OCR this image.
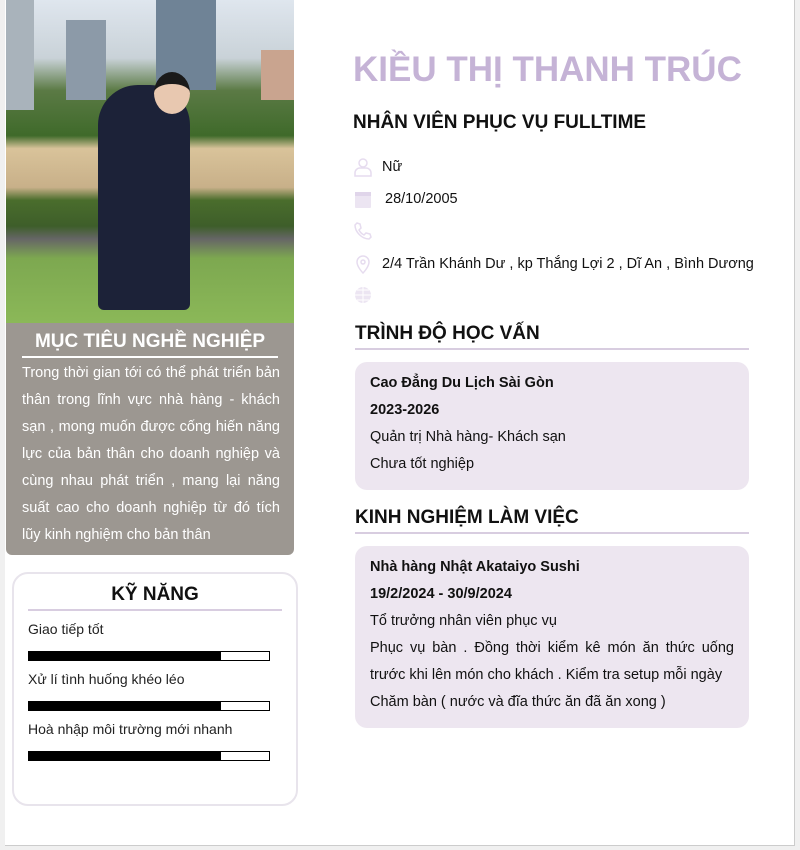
MỤC TIÊU NGHỀ NGHIỆP

Trong thời gian tới có thể phát triển bản thân trong lĩnh vực nhà hàng - khách sạn , mong muốn được cống hiến năng lực của bản thân cho doanh nghiệp và cùng nhau phát triển , mang lại năng suất cao cho doanh nghiệp từ đó tích lũy kinh nghiệm cho bản thân

KỸ NĂNG
Giao tiếp tốt
Xử lí tình huống khéo léo
Hoà nhập môi trường mới nhanh
KIỀU THỊ THANH TRÚC
NHÂN VIÊN PHỤC VỤ FULLTIME
Nữ
28/10/2005
2/4 Trần Khánh Dư , kp Thắng Lợi 2 , Dĩ An , Bình Dương
TRÌNH ĐỘ HỌC VẤN
Cao Đẳng Du Lịch Sài Gòn
2023-2026
Quản trị Nhà hàng- Khách sạn
Chưa tốt nghiệp
KINH NGHIỆM LÀM VIỆC
Nhà hàng Nhật Akataiyo Sushi
19/2/2024 - 30/9/2024
Tổ trưởng nhân viên phục vụ
Phục vụ bàn . Đồng thời kiểm kê món ăn thức uống trước khi lên món cho khách . Kiểm tra setup mỗi ngày
Chăm bàn ( nước và đĩa thức ăn đã ăn xong )
